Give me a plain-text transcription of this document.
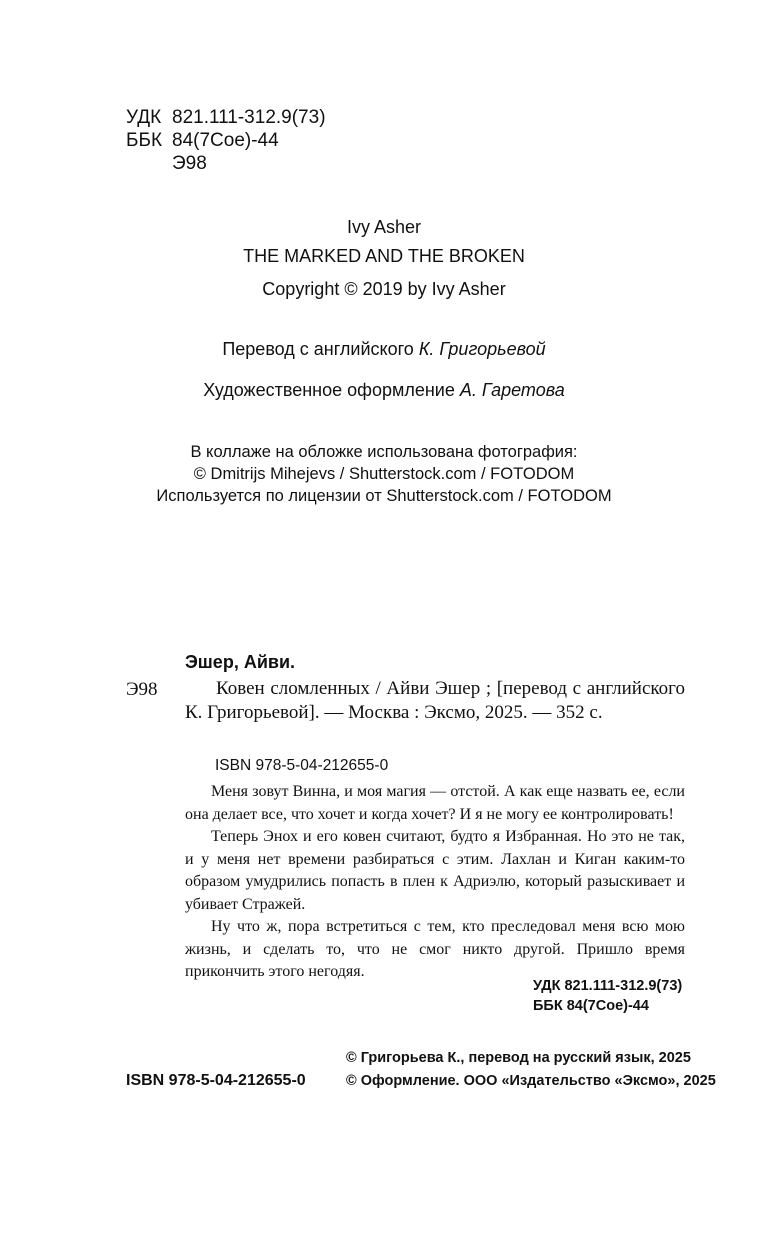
УДК 821.111-312.9(73)
ББК 84(7Сое)-44
Э98
Ivy Asher
THE MARKED AND THE BROKEN
Copyright © 2019 by Ivy Asher
Перевод с английского К. Григорьевой
Художественное оформление А. Гаретова
В коллаже на обложке использована фотография:
© Dmitrijs Mihejevs / Shutterstock.com / FOTODOM
Используется по лицензии от Shutterstock.com / FOTODOM
Эшер, Айви.
Э98	Ковен сломленных / Айви Эшер ; [перевод с английского К. Григорьевой]. — Москва : Эксмо, 2025. — 352 с.
ISBN 978-5-04-212655-0

Меня зовут Винна, и моя магия — отстой. А как еще назвать ее, если она делает все, что хочет и когда хочет? И я не могу ее контролировать!

Теперь Энох и его ковен считают, будто я Избранная. Но это не так, и у меня нет времени разбираться с этим. Лахлан и Киган каким-то образом умудрились попасть в плен к Адриэлю, который разыскивает и убивает Стражей.

Ну что ж, пора встретиться с тем, кто преследовал меня всю мою жизнь, и сделать то, что не смог никто другой. Пришло время прикончить этого негодяя.

УДК 821.111-312.9(73)
ББК 84(7Сое)-44
© Григорьева К., перевод на русский язык, 2025
ISBN 978-5-04-212655-0	© Оформление. ООО «Издательство «Эксмо», 2025
